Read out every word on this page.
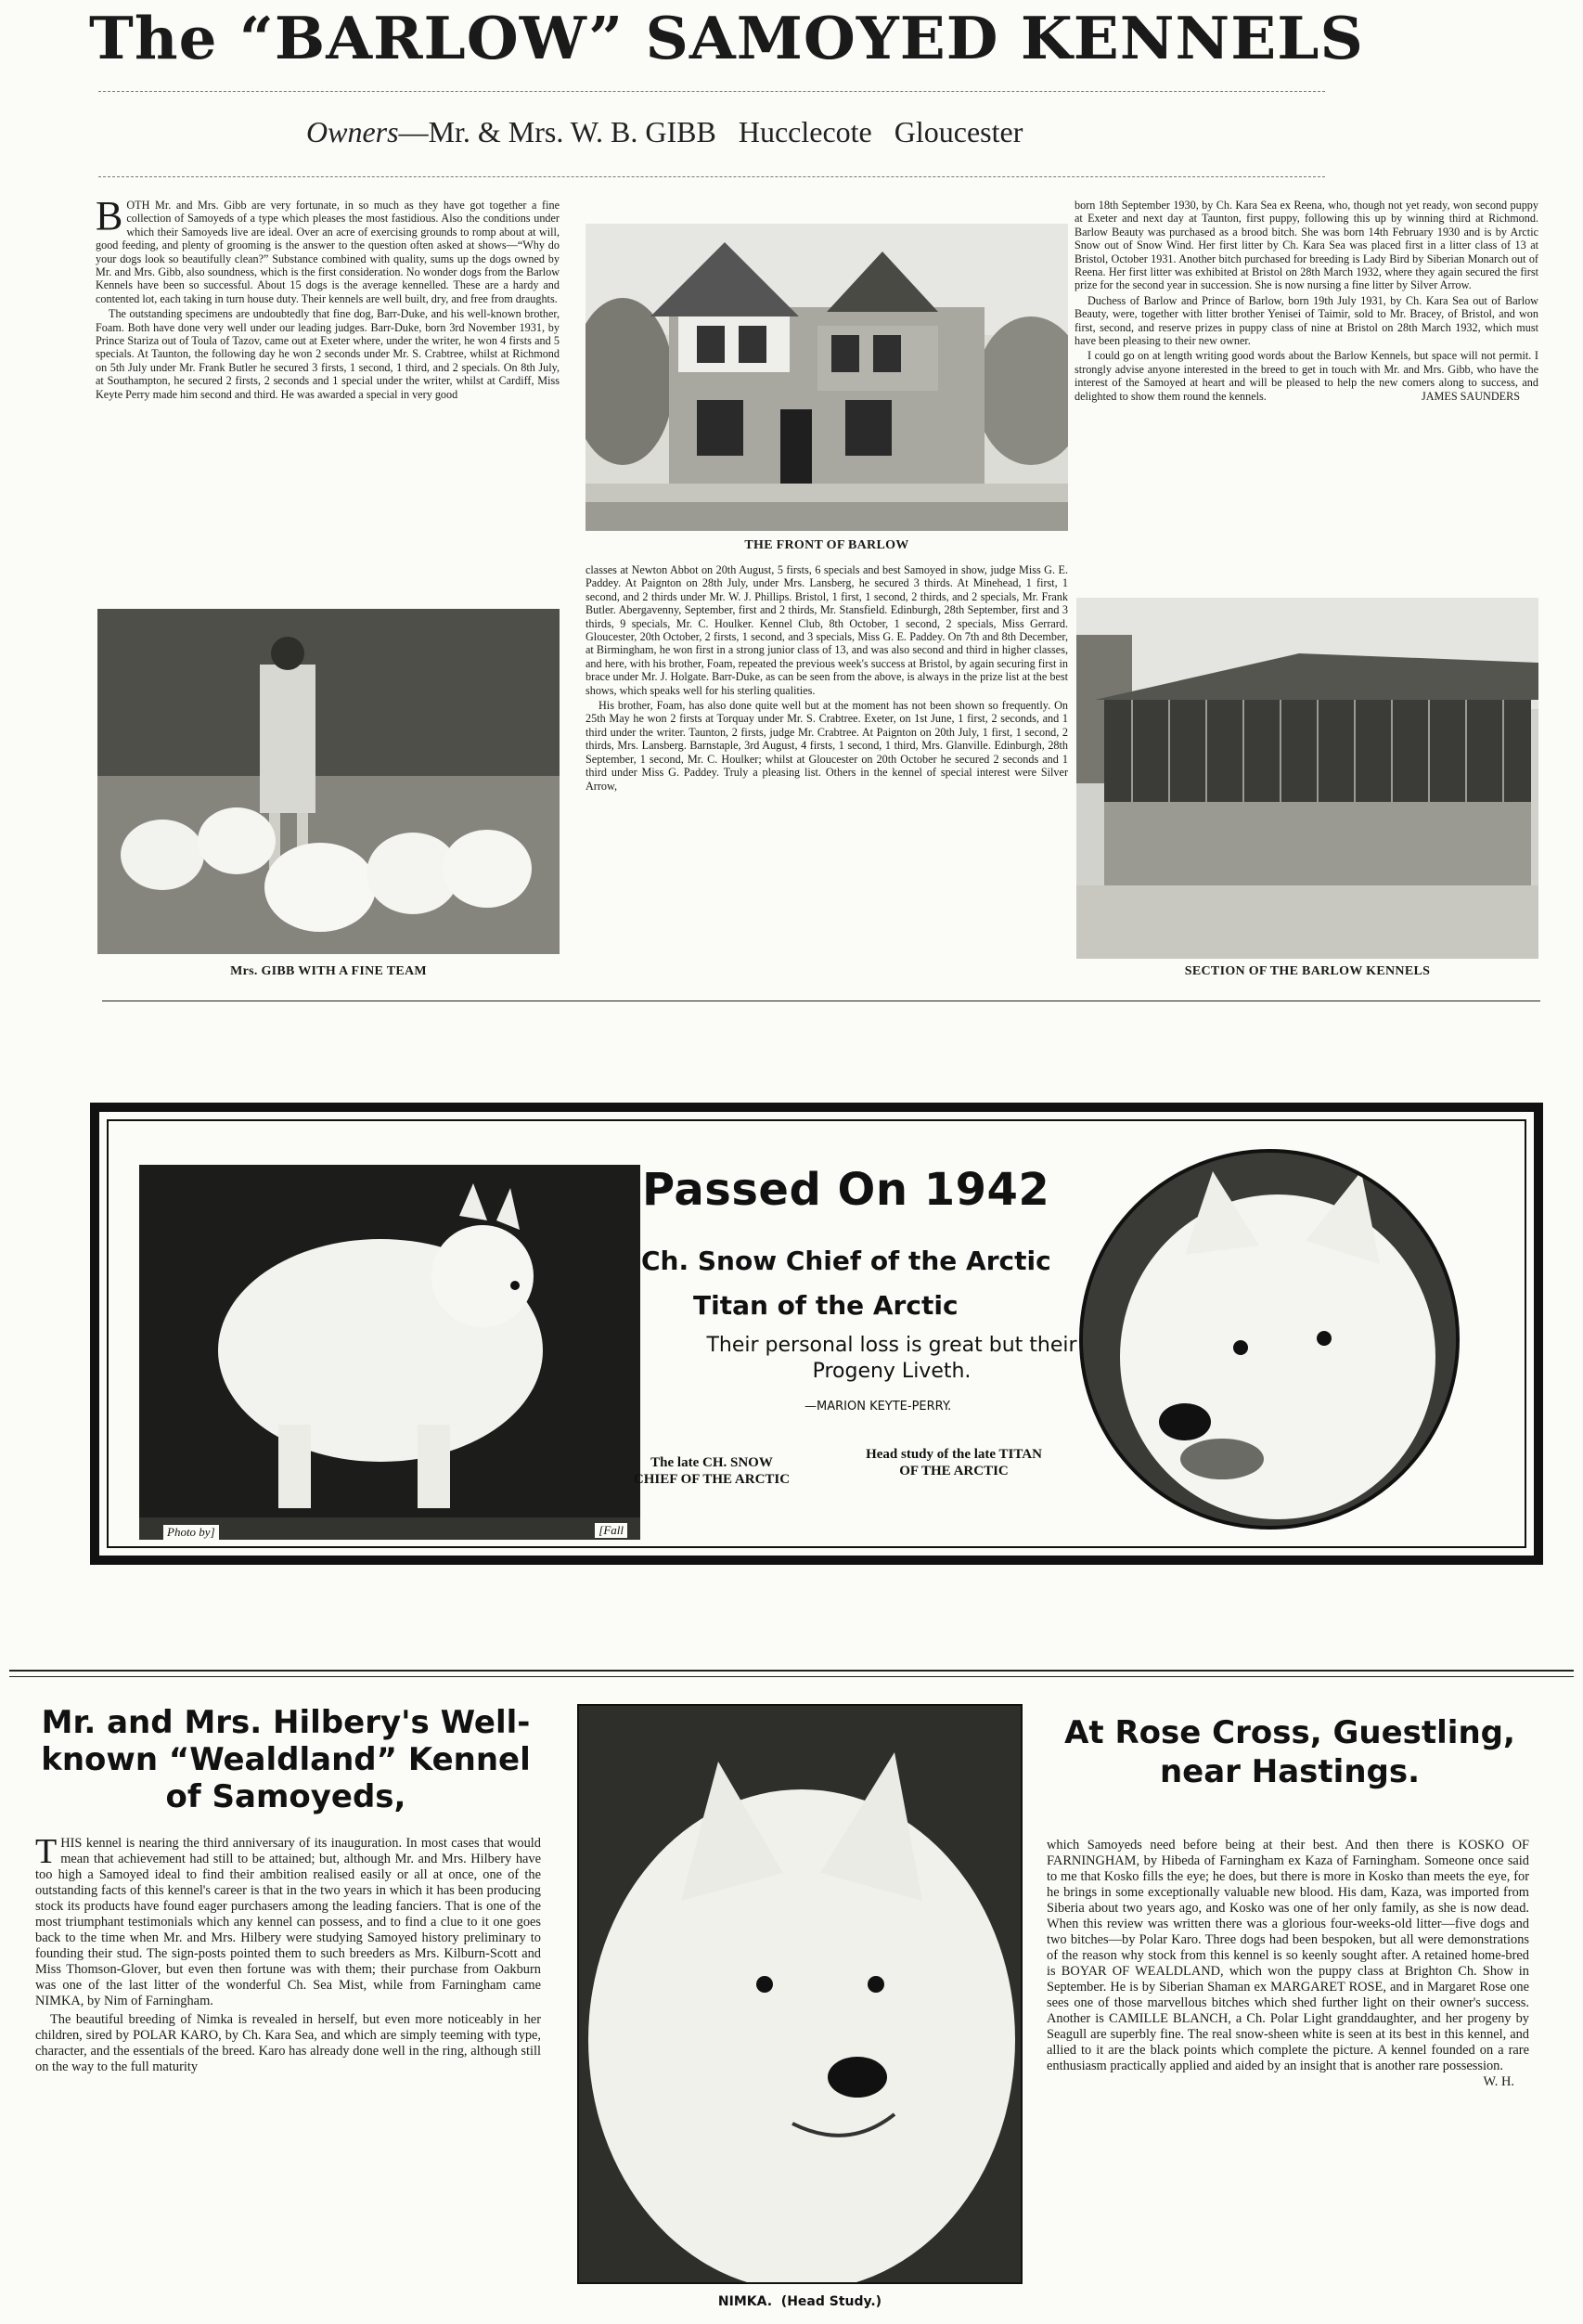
The “BARLOW” SAMOYED KENNELS
Owners—Mr. & Mrs. W. B. GIBB   Hucclecote   Gloucester

BOTH Mr. and Mrs. Gibb are very fortunate, in so much as they have got together a fine collection of Samoyeds of a type which pleases the most fastidious. Also the conditions under which their Samoyeds live are ideal. Over an acre of exercising grounds to romp about at will, good feeding, and plenty of grooming is the answer to the question often asked at shows—“Why do your dogs look so beautifully clean?” Substance combined with quality, sums up the dogs owned by Mr. and Mrs. Gibb, also soundness, which is the first consideration. No wonder dogs from the Barlow Kennels have been so successful. About 15 dogs is the average kennelled. These are a hardy and contented lot, each taking in turn house duty. Their kennels are well built, dry, and free from draughts.

The outstanding specimens are undoubtedly that fine dog, Barr-Duke, and his well-known brother, Foam. Both have done very well under our leading judges. Barr-Duke, born 3rd November 1931, by Prince Stariza out of Toula of Tazov, came out at Exeter where, under the writer, he won 4 firsts and 5 specials. At Taunton, the following day he won 2 seconds under Mr. S. Crabtree, whilst at Richmond on 5th July under Mr. Frank Butler he secured 3 firsts, 1 second, 1 third, and 2 specials. On 8th July, at Southampton, he secured 2 firsts, 2 seconds and 1 special under the writer, whilst at Cardiff, Miss Keyte Perry made him second and third. He was awarded a special in very good

THE FRONT OF BARLOW

classes at Newton Abbot on 20th August, 5 firsts, 6 specials and best Samoyed in show, judge Miss G. E. Paddey. At Paignton on 28th July, under Mrs. Lansberg, he secured 3 thirds. At Minehead, 1 first, 1 second, and 2 thirds under Mr. W. J. Phillips. Bristol, 1 first, 1 second, 2 thirds, and 2 specials, Mr. Frank Butler. Abergavenny, September, first and 2 thirds, Mr. Stansfield. Edinburgh, 28th September, first and 3 thirds, 9 specials, Mr. C. Houlker. Kennel Club, 8th October, 1 second, 2 specials, Miss Gerrard. Gloucester, 20th October, 2 firsts, 1 second, and 3 specials, Miss G. E. Paddey. On 7th and 8th December, at Birmingham, he won first in a strong junior class of 13, and was also second and third in higher classes, and here, with his brother, Foam, repeated the previous week's success at Bristol, by again securing first in brace under Mr. J. Holgate. Barr-Duke, as can be seen from the above, is always in the prize list at the best shows, which speaks well for his sterling qualities.

His brother, Foam, has also done quite well but at the moment has not been shown so frequently. On 25th May he won 2 firsts at Torquay under Mr. S. Crabtree. Exeter, on 1st June, 1 first, 2 seconds, and 1 third under the writer. Taunton, 2 firsts, judge Mr. Crabtree. At Paignton on 20th July, 1 first, 1 second, 2 thirds, Mrs. Lansberg. Barnstaple, 3rd August, 4 firsts, 1 second, 1 third, Mrs. Glanville. Edinburgh, 28th September, 1 second, Mr. C. Houlker; whilst at Gloucester on 20th October he secured 2 seconds and 1 third under Miss G. Paddey. Truly a pleasing list. Others in the kennel of special interest were Silver Arrow,

born 18th September 1930, by Ch. Kara Sea ex Reena, who, though not yet ready, won second puppy at Exeter and next day at Taunton, first puppy, following this up by winning third at Richmond. Barlow Beauty was purchased as a brood bitch. She was born 14th February 1930 and is by Arctic Snow out of Snow Wind. Her first litter by Ch. Kara Sea was placed first in a litter class of 13 at Bristol, October 1931. Another bitch purchased for breeding is Lady Bird by Siberian Monarch out of Reena. Her first litter was exhibited at Bristol on 28th March 1932, where they again secured the first prize for the second year in succession. She is now nursing a fine litter by Silver Arrow.

Duchess of Barlow and Prince of Barlow, born 19th July 1931, by Ch. Kara Sea out of Barlow Beauty, were, together with litter brother Yenisei of Taimir, sold to Mr. Bracey, of Bristol, and won first, second, and reserve prizes in puppy class of nine at Bristol on 28th March 1932, which must have been pleasing to their new owner.

I could go on at length writing good words about the Barlow Kennels, but space will not permit. I strongly advise anyone interested in the breed to get in touch with Mr. and Mrs. Gibb, who have the interest of the Samoyed at heart and will be pleased to help the new comers along to success, and delighted to show them round the kennels.	JAMES SAUNDERS

Mrs. GIBB WITH A FINE TEAM	SECTION OF THE BARLOW KENNELS
Photo by]	[Fall
Passed On 1942
Ch. Snow Chief of the Arctic
Titan of the Arctic
Their personal loss is great but their Progeny Liveth.
—MARION KEYTE-PERRY.
The late CH. SNOW CHIEF OF THE ARCTIC
Head study of the late TITAN OF THE ARCTIC
Mr. and Mrs. Hilbery's Well-known “Wealdland” Kennel of Samoyeds,

THIS kennel is nearing the third anniversary of its inauguration. In most cases that would mean that achievement had still to be attained; but, although Mr. and Mrs. Hilbery have too high a Samoyed ideal to find their ambition realised easily or all at once, one of the outstanding facts of this kennel's career is that in the two years in which it has been producing stock its products have found eager purchasers among the leading fanciers. That is one of the most triumphant testimonials which any kennel can possess, and to find a clue to it one goes back to the time when Mr. and Mrs. Hilbery were studying Samoyed history preliminary to founding their stud. The sign-posts pointed them to such breeders as Mrs. Kilburn-Scott and Miss Thomson-Glover, but even then fortune was with them; their purchase from Oakburn was one of the last litter of the wonderful Ch. Sea Mist, while from Farningham came NIMKA, by Nim of Farningham.

The beautiful breeding of Nimka is revealed in herself, but even more noticeably in her children, sired by POLAR KARO, by Ch. Kara Sea, and which are simply teeming with type, character, and the essentials of the breed. Karo has already done well in the ring, although still on the way to the full maturity

NIMKA.  (Head Study.)
At Rose Cross, Guestling, near Hastings.

which Samoyeds need before being at their best. And then there is KOSKO OF FARNINGHAM, by Hibeda of Farningham ex Kaza of Farningham. Someone once said to me that Kosko fills the eye; he does, but there is more in Kosko than meets the eye, for he brings in some exceptionally valuable new blood. His dam, Kaza, was imported from Siberia about two years ago, and Kosko was one of her only family, as she is now dead. When this review was written there was a glorious four-weeks-old litter—five dogs and two bitches—by Polar Karo. Three dogs had been bespoken, but all were demonstrations of the reason why stock from this kennel is so keenly sought after. A retained home-bred is BOYAR OF WEALDLAND, which won the puppy class at Brighton Ch. Show in September. He is by Siberian Shaman ex MARGARET ROSE, and in Margaret Rose one sees one of those marvellous bitches which shed further light on their owner's success. Another is CAMILLE BLANCH, a Ch. Polar Light granddaughter, and her progeny by Seagull are superbly fine. The real snow-sheen white is seen at its best in this kennel, and allied to it are the black points which complete the picture. A kennel founded on a rare enthusiasm practically applied and aided by an insight that is another rare possession.
W. H.
